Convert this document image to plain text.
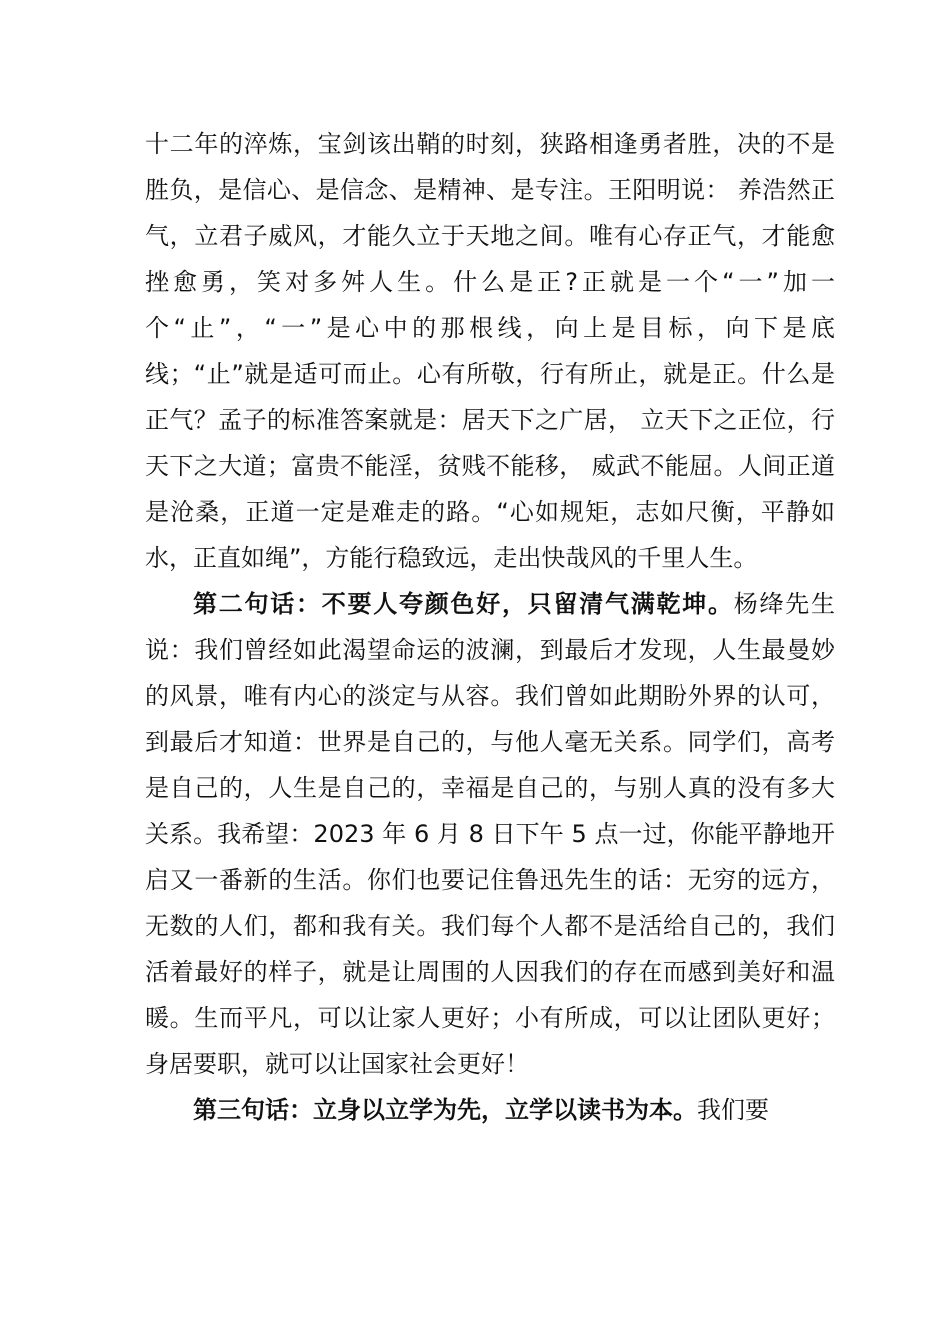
十二年的淬炼，宝剑该出鞘的时刻，狭路相逢勇者胜，决的不是胜负，是信心、是信念、是精神、是专注。王阳明说： 养浩然正气，立君子威风，才能久立于天地之间。唯有心存正气，才能愈挫愈勇，笑对多舛人生。什么是正?正就是一个“一”加一个“止”，“一”是心中的那根线，向上是目标，向下是底线；“止”就是适可而止。心有所敬，行有所止，就是正。什么是正气？孟子的标准答案就是：居天下之广居， 立天下之正位，行天下之大道；富贵不能淫，贫贱不能移， 威武不能屈。人间正道是沧桑，正道一定是难走的路。“心如规矩，志如尺衡，平静如水，正直如绳”，方能行稳致远，走出快哉风的千里人生。

第二句话：不要人夸颜色好，只留清气满乾坤。杨绛先生说：我们曾经如此渴望命运的波澜，到最后才发现，人生最曼妙的风景，唯有内心的淡定与从容。我们曾如此期盼外界的认可，到最后才知道：世界是自己的，与他人毫无关系。同学们，高考是自己的，人生是自己的，幸福是自己的，与别人真的没有多大关系。我希望：2023 年 6 月 8 日下午 5 点一过，你能平静地开启又一番新的生活。你们也要记住鲁迅先生的话：无穷的远方，无数的人们，都和我有关。我们每个人都不是活给自己的，我们活着最好的样子，就是让周围的人因我们的存在而感到美好和温暖。生而平凡，可以让家人更好；小有所成，可以让团队更好；身居要职，就可以让国家社会更好！

第三句话：立身以立学为先，立学以读书为本。我们要
